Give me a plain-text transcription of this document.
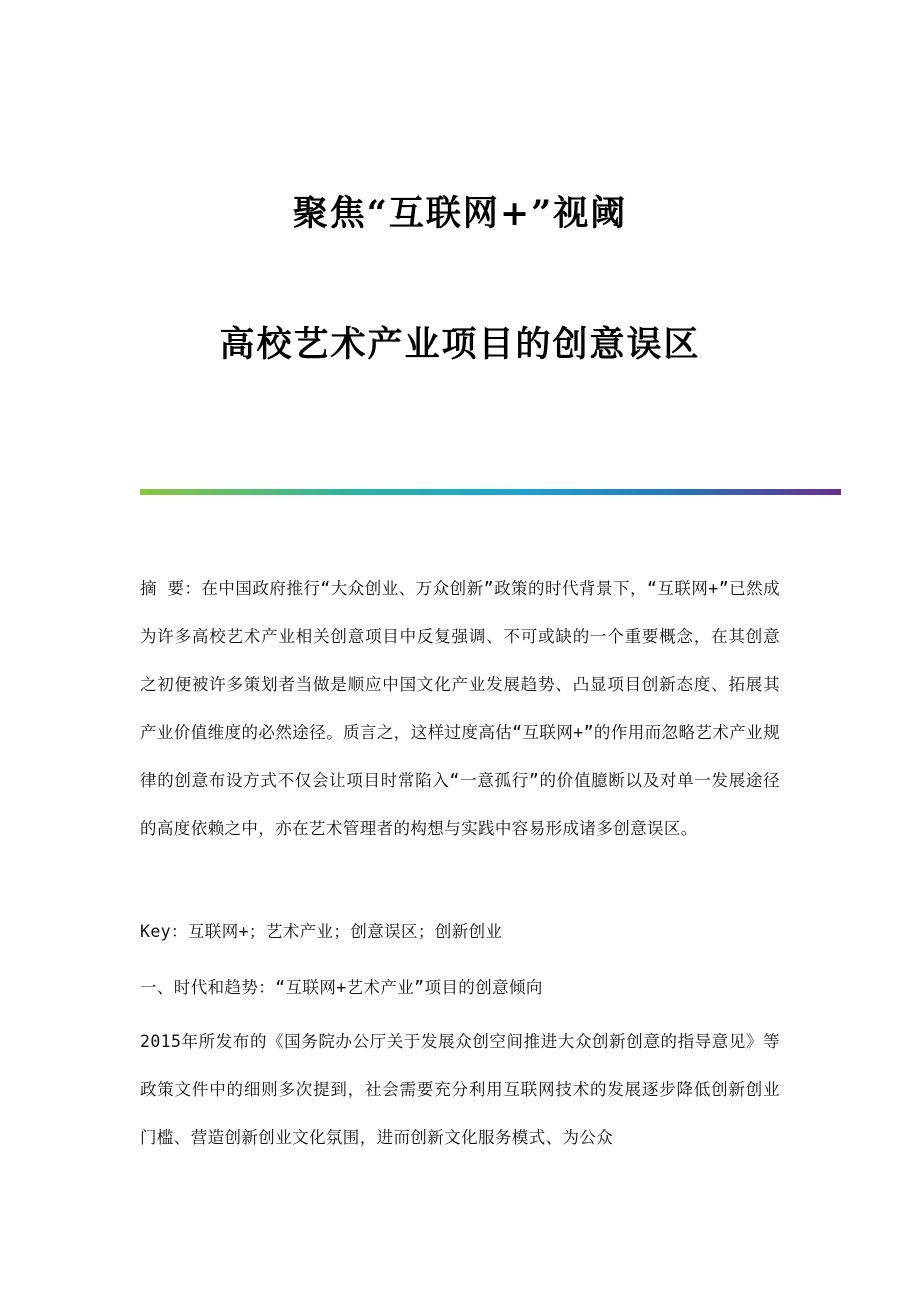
聚焦“互联网+”视阈
高校艺术产业项目的创意误区

摘 要：在中国政府推行“大众创业、万众创新”政策的时代背景下，“互联网+”已然成为许多高校艺术产业相关创意项目中反复强调、不可或缺的一个重要概念，在其创意之初便被许多策划者当做是顺应中国文化产业发展趋势、凸显项目创新态度、拓展其产业价值维度的必然途径。质言之，这样过度高估“互联网+”的作用而忽略艺术产业规律的创意布设方式不仅会让项目时常陷入“一意孤行”的价值臆断以及对单一发展途径的高度依赖之中，亦在艺术管理者的构想与实践中容易形成诸多创意误区。

Key：互联网+；艺术产业；创意误区；创新创业

一、时代和趋势：“互联网+艺术产业”项目的创意倾向

2015年所发布的《国务院办公厅关于发展众创空间推进大众创新创意的指导意见》等政策文件中的细则多次提到，社会需要充分利用互联网技术的发展逐步降低创新创业门槛、营造创新创业文化氛围，进而创新文化服务模式、为公众
